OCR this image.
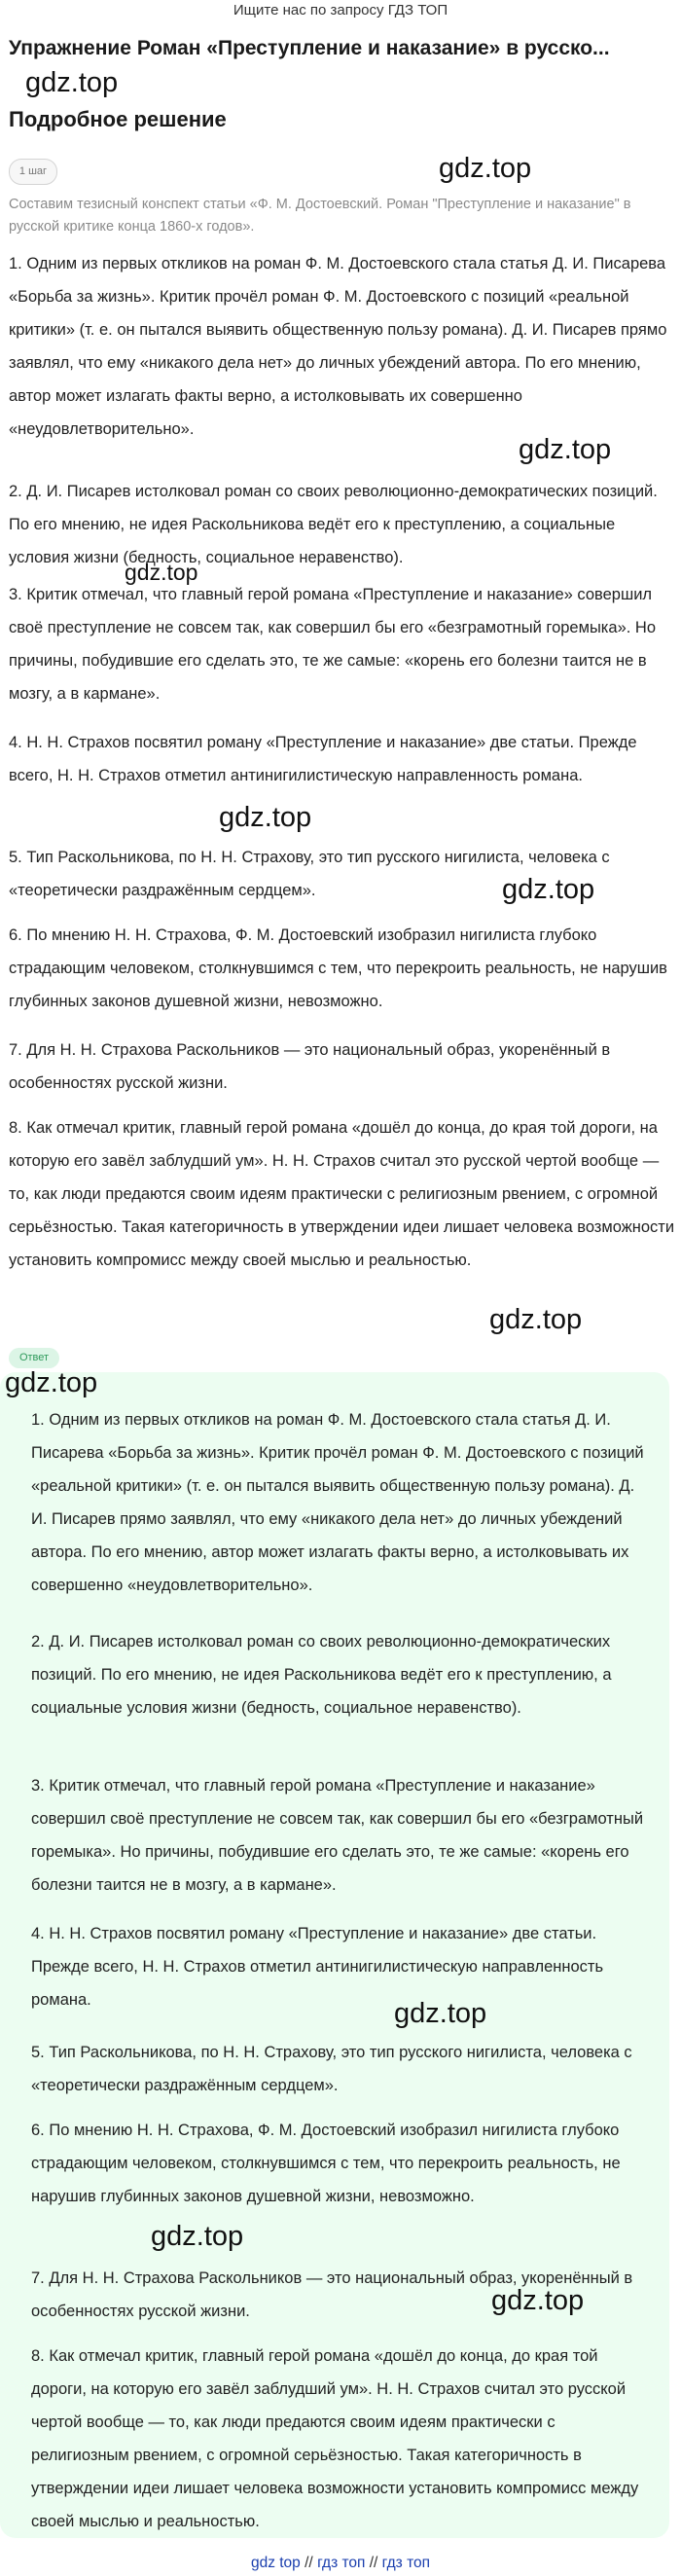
Ищите нас по запросу ГДЗ ТОП
Упражнение Роман «Преступление и наказание» в русско...
gdz.top
Подробное решение
1 шаг	gdz.top
Составим тезисный конспект статьи «Ф. М. Достоевский. Роман "Преступление и наказание" в русской критике конца 1860-х годов».

1. Одним из первых откликов на роман Ф. М. Достоевского стала статья Д. И. Писарева «Борьба за жизнь». Критик прочёл роман Ф. М. Достоевского с позиций «реальной критики» (т. е. он пытался выявить общественную пользу романа). Д. И. Писарев прямо заявлял, что ему «никакого дела нет» до личных убеждений автора. По его мнению, автор может излагать факты верно, а истолковывать их совершенно «неудовлетворительно».

gdz.top

2. Д. И. Писарев истолковал роман со своих революционно-демократических позиций. По его мнению, не идея Раскольникова ведёт его к преступлению, а социальные условия жизни (бедность, социальное неравенство).

gdz.top

3. Критик отмечал, что главный герой романа «Преступление и наказание» совершил своё преступление не совсем так, как совершил бы его «безграмотный горемыка». Но причины, побудившие его сделать это, те же самые: «корень его болезни таится не в мозгу, а в кармане».

4. Н. Н. Страхов посвятил роману «Преступление и наказание» две статьи. Прежде всего, Н. Н. Страхов отметил антинигилистическую направленность романа.

gdz.top

5. Тип Раскольникова, по Н. Н. Страхову, это тип русского нигилиста, человека с «теоретически раздражённым сердцем».	gdz.top

6. По мнению Н. Н. Страхова, Ф. М. Достоевский изобразил нигилиста глубоко страдающим человеком, столкнувшимся с тем, что перекроить реальность, не нарушив глубинных законов душевной жизни, невозможно.

7. Для Н. Н. Страхова Раскольников — это национальный образ, укоренённый в особенностях русской жизни.

8. Как отмечал критик, главный герой романа «дошёл до конца, до края той дороги, на которую его завёл заблудший ум». Н. Н. Страхов считал это русской чертой вообще — то, как люди предаются своим идеям практически с религиозным рвением, с огромной серьёзностью. Такая категоричность в утверждении идеи лишает человека возможности установить компромисс между своей мыслью и реальностью.

gdz.top
Ответ
gdz.top

1. Одним из первых откликов на роман Ф. М. Достоевского стала статья Д. И. Писарева «Борьба за жизнь». Критик прочёл роман Ф. М. Достоевского с позиций «реальной критики» (т. е. он пытался выявить общественную пользу романа). Д. И. Писарев прямо заявлял, что ему «никакого дела нет» до личных убеждений автора. По его мнению, автор может излагать факты верно, а истолковывать их совершенно «неудовлетворительно».

2. Д. И. Писарев истолковал роман со своих революционно-демократических позиций. По его мнению, не идея Раскольникова ведёт его к преступлению, а социальные условия жизни (бедность, социальное неравенство).

3. Критик отмечал, что главный герой романа «Преступление и наказание» совершил своё преступление не совсем так, как совершил бы его «безграмотный горемыка». Но причины, побудившие его сделать это, те же самые: «корень его болезни таится не в мозгу, а в кармане».

4. Н. Н. Страхов посвятил роману «Преступление и наказание» две статьи. Прежде всего, Н. Н. Страхов отметил антинигилистическую направленность романа.	gdz.top

5. Тип Раскольникова, по Н. Н. Страхову, это тип русского нигилиста, человека с «теоретически раздражённым сердцем».

6. По мнению Н. Н. Страхова, Ф. М. Достоевский изобразил нигилиста глубоко страдающим человеком, столкнувшимся с тем, что перекроить реальность, не нарушив глубинных законов душевной жизни, невозможно.

gdz.top

7. Для Н. Н. Страхова Раскольников — это национальный образ, укоренённый в особенностях русской жизни.	gdz.top

8. Как отмечал критик, главный герой романа «дошёл до конца, до края той дороги, на которую его завёл заблудший ум». Н. Н. Страхов считал это русской чертой вообще — то, как люди предаются своим идеям практически с религиозным рвением, с огромной серьёзностью. Такая категоричность в утверждении идеи лишает человека возможности установить компромисс между своей мыслью и реальностью.

gdz top // гдз топ // гдз топ
